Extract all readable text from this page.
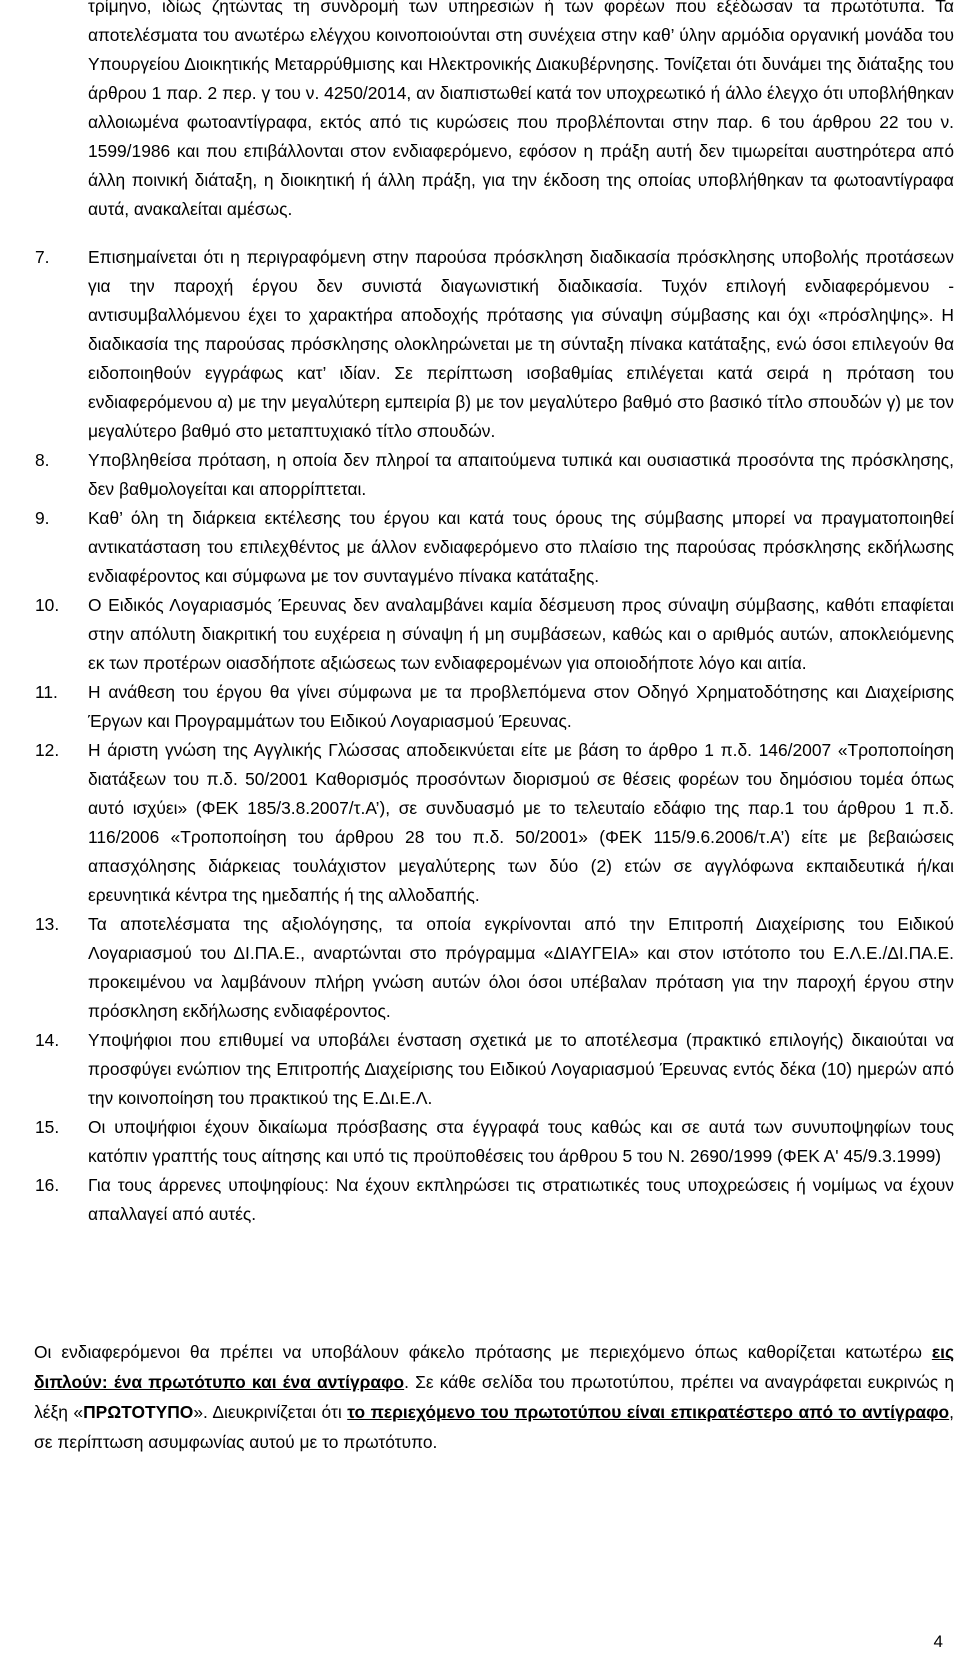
τρίμηνο, ιδίως ζητώντας τη συνδρομή των υπηρεσιών ή των φορέων που εξέδωσαν τα πρωτότυπα. Τα αποτελέσματα του ανωτέρω ελέγχου κοινοποιούνται στη συνέχεια στην καθ’ ύλην αρμόδια οργανική μονάδα του Υπουργείου Διοικητικής Μεταρρύθμισης και Ηλεκτρονικής Διακυβέρνησης. Τονίζεται ότι δυνάμει της διάταξης του άρθρου 1 παρ. 2 περ. γ του ν. 4250/2014, αν διαπιστωθεί κατά τον υποχρεωτικό ή άλλο έλεγχο ότι υποβλήθηκαν αλλοιωμένα φωτοαντίγραφα, εκτός από τις κυρώσεις που προβλέπονται στην παρ. 6 του άρθρου 22 του ν. 1599/1986 και που επιβάλλονται στον ενδιαφερόμενο, εφόσον η πράξη αυτή δεν τιμωρείται αυστηρότερα από άλλη ποινική διάταξη, η διοικητική ή άλλη πράξη, για την έκδοση της οποίας υποβλήθηκαν τα φωτοαντίγραφα αυτά, ανακαλείται αμέσως.

7.	Επισημαίνεται ότι η περιγραφόμενη στην παρούσα πρόσκληση διαδικασία πρόσκλησης υποβολής προτάσεων για την παροχή έργου δεν συνιστά διαγωνιστική διαδικασία. Τυχόν επιλογή ενδιαφερόμενου - αντισυμβαλλόμενου έχει το χαρακτήρα αποδοχής πρότασης για σύναψη σύμβασης και όχι «πρόσληψης». Η διαδικασία της παρούσας πρόσκλησης ολοκληρώνεται με τη σύνταξη πίνακα κατάταξης, ενώ όσοι επιλεγούν θα ειδοποιηθούν εγγράφως κατ’ ιδίαν. Σε περίπτωση ισοβαθμίας επιλέγεται κατά σειρά η πρόταση του ενδιαφερόμενου α) με την μεγαλύτερη εμπειρία β) με τον μεγαλύτερο βαθμό στο βασικό τίτλο σπουδών γ) με τον μεγαλύτερο βαθμό στο μεταπτυχιακό τίτλο σπουδών.
8.	Υποβληθείσα πρόταση, η οποία δεν πληροί τα απαιτούμενα τυπικά και ουσιαστικά προσόντα της πρόσκλησης, δεν βαθμολογείται και απορρίπτεται.
9.	Καθ’ όλη τη διάρκεια εκτέλεσης του έργου και κατά τους όρους της σύμβασης μπορεί να πραγματοποιηθεί αντικατάσταση του επιλεχθέντος με άλλον ενδιαφερόμενο στο πλαίσιο της παρούσας πρόσκλησης εκδήλωσης ενδιαφέροντος και σύμφωνα με τον συνταγμένο πίνακα κατάταξης.
10.	Ο Ειδικός Λογαριασμός Έρευνας δεν αναλαμβάνει καμία δέσμευση προς σύναψη σύμβασης, καθότι επαφίεται στην απόλυτη διακριτική του ευχέρεια η σύναψη ή μη συμβάσεων, καθώς και ο αριθμός αυτών, αποκλειόμενης εκ των προτέρων οιασδήποτε αξιώσεως των ενδιαφερομένων για οποιοδήποτε λόγο και αιτία.
11.	Η ανάθεση του έργου θα γίνει σύμφωνα με τα προβλεπόμενα στον Οδηγό Χρηματοδότησης και Διαχείρισης Έργων και Προγραμμάτων του Ειδικού Λογαριασμού Έρευνας.
12.	Η άριστη γνώση της Αγγλικής Γλώσσας αποδεικνύεται είτε με βάση το άρθρο 1 π.δ. 146/2007 «Τροποποίηση διατάξεων του π.δ. 50/2001 Καθορισμός προσόντων διορισμού σε θέσεις φορέων του δημόσιου τομέα όπως αυτό ισχύει» (ΦΕΚ 185/3.8.2007/τ.Α’), σε συνδυασμό με το τελευταίο εδάφιο της παρ.1 του άρθρου 1 π.δ. 116/2006 «Τροποποίηση του άρθρου 28 του π.δ. 50/2001» (ΦΕΚ 115/9.6.2006/τ.Α’) είτε με βεβαιώσεις απασχόλησης διάρκειας τουλάχιστον μεγαλύτερης των δύο (2) ετών σε αγγλόφωνα εκπαιδευτικά ή/και ερευνητικά κέντρα της ημεδαπής ή της αλλοδαπής.
13.	Τα αποτελέσματα της αξιολόγησης, τα οποία εγκρίνονται από την Επιτροπή Διαχείρισης του Ειδικού Λογαριασμού του ΔΙ.ΠΑ.Ε., αναρτώνται στο πρόγραμμα «ΔΙΑΥΓΕΙΑ» και στον ιστότοπο του Ε.Λ.Ε./ΔΙ.ΠΑ.Ε. προκειμένου να λαμβάνουν πλήρη γνώση αυτών όλοι όσοι υπέβαλαν πρόταση για την παροχή έργου στην πρόσκληση εκδήλωσης ενδιαφέροντος.
14.	Υποψήφιοι που επιθυμεί να υποβάλει ένσταση σχετικά με το αποτέλεσμα (πρακτικό επιλογής) δικαιούται να προσφύγει ενώπιον της Επιτροπής Διαχείρισης του Ειδικού Λογαριασμού Έρευνας εντός δέκα (10) ημερών από την κοινοποίηση του πρακτικού της Ε.Δι.Ε.Λ.
15.	Οι υποψήφιοι έχουν δικαίωμα πρόσβασης στα έγγραφά τους καθώς και σε αυτά των συνυποψηφίων τους κατόπιν γραπτής τους αίτησης και υπό τις προϋποθέσεις του άρθρου 5 του Ν. 2690/1999 (ΦΕΚ Α' 45/9.3.1999)
16.	Για τους άρρενες υποψηφίους: Να έχουν εκπληρώσει τις στρατιωτικές τους υποχρεώσεις ή νομίμως να έχουν απαλλαγεί από αυτές.

Οι ενδιαφερόμενοι θα πρέπει να υποβάλουν φάκελο πρότασης με περιεχόμενο όπως καθορίζεται κατωτέρω εις διπλούν: ένα πρωτότυπο και ένα αντίγραφο. Σε κάθε σελίδα του πρωτοτύπου, πρέπει να αναγράφεται ευκρινώς η λέξη «ΠΡΩΤΟΤΥΠΟ». Διευκρινίζεται ότι το περιεχόμενο του πρωτοτύπου είναι επικρατέστερο από το αντίγραφο, σε περίπτωση ασυμφωνίας αυτού με το πρωτότυπο.

4
